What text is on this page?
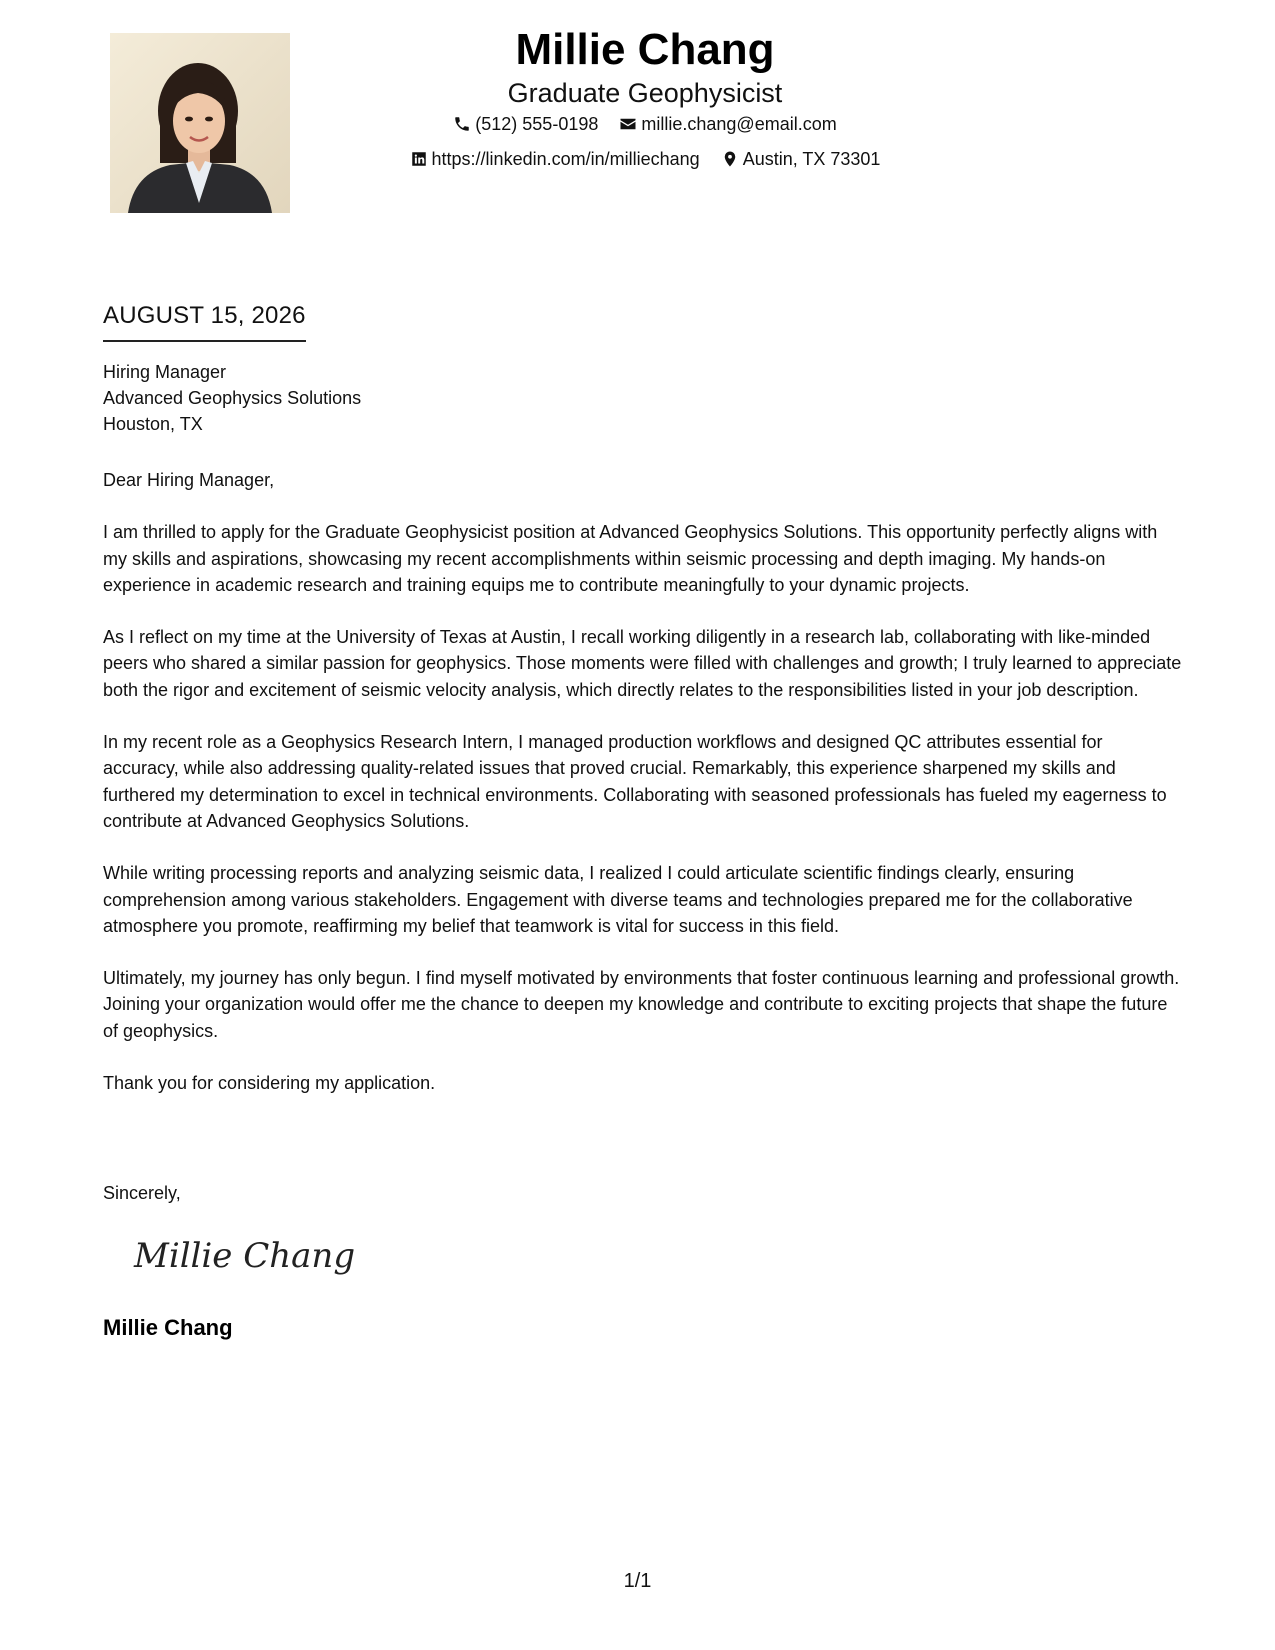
Millie Chang
Graduate Geophysicist
(512) 555-0198
millie.chang@email.com
https://linkedin.com/in/milliechang
Austin, TX 73301
AUGUST 15, 2026
Hiring Manager
Advanced Geophysics Solutions
Houston, TX

Dear Hiring Manager,

I am thrilled to apply for the Graduate Geophysicist position at Advanced Geophysics Solutions. This opportunity perfectly aligns with my skills and aspirations, showcasing my recent accomplishments within seismic processing and depth imaging. My hands-on experience in academic research and training equips me to contribute meaningfully to your dynamic projects.

As I reflect on my time at the University of Texas at Austin, I recall working diligently in a research lab, collaborating with like-minded peers who shared a similar passion for geophysics. Those moments were filled with challenges and growth; I truly learned to appreciate both the rigor and excitement of seismic velocity analysis, which directly relates to the responsibilities listed in your job description.

In my recent role as a Geophysics Research Intern, I managed production workflows and designed QC attributes essential for accuracy, while also addressing quality-related issues that proved crucial. Remarkably, this experience sharpened my skills and furthered my determination to excel in technical environments. Collaborating with seasoned professionals has fueled my eagerness to contribute at Advanced Geophysics Solutions.

While writing processing reports and analyzing seismic data, I realized I could articulate scientific findings clearly, ensuring comprehension among various stakeholders. Engagement with diverse teams and technologies prepared me for the collaborative atmosphere you promote, reaffirming my belief that teamwork is vital for success in this field.

Ultimately, my journey has only begun. I find myself motivated by environments that foster continuous learning and professional growth. Joining your organization would offer me the chance to deepen my knowledge and contribute to exciting projects that shape the future of geophysics.

Thank you for considering my application.

Sincerely,
Millie Chang
Millie Chang
1/1
